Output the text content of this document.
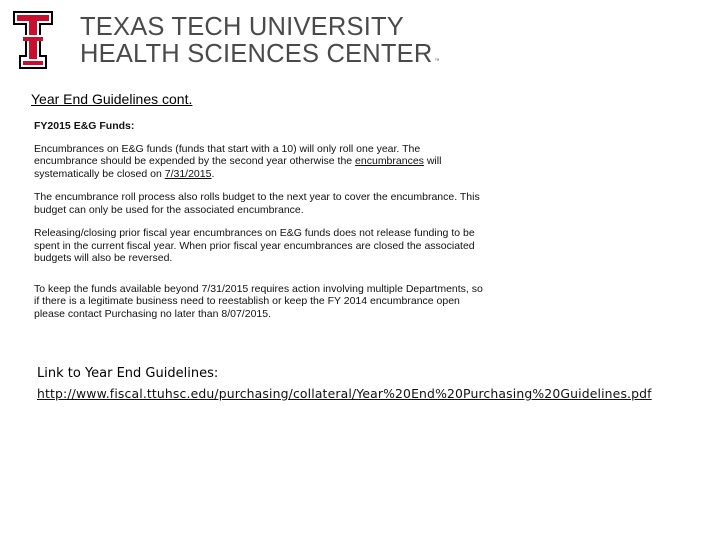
TEXAS TECH UNIVERSITY
HEALTH SCIENCES CENTER ™
Year End Guidelines cont.
FY2015 E&G Funds:

Encumbrances on E&G funds (funds that start with a 10) will only roll one year. The encumbrance should be expended by the second year otherwise the encumbrances will systematically be closed on 7/31/2015.

The encumbrance roll process also rolls budget to the next year to cover the encumbrance. This budget can only be used for the associated encumbrance.

Releasing/closing prior fiscal year encumbrances on E&G funds does not release funding to be spent in the current fiscal year. When prior fiscal year encumbrances are closed the associated budgets will also be reversed.

To keep the funds available beyond 7/31/2015 requires action involving multiple Departments, so if there is a legitimate business need to reestablish or keep the FY 2014 encumbrance open please contact Purchasing no later than 8/07/2015.

Link to Year End Guidelines:
http://www.fiscal.ttuhsc.edu/purchasing/collateral/Year%20End%20Purchasing%20Guidelines.pdf
